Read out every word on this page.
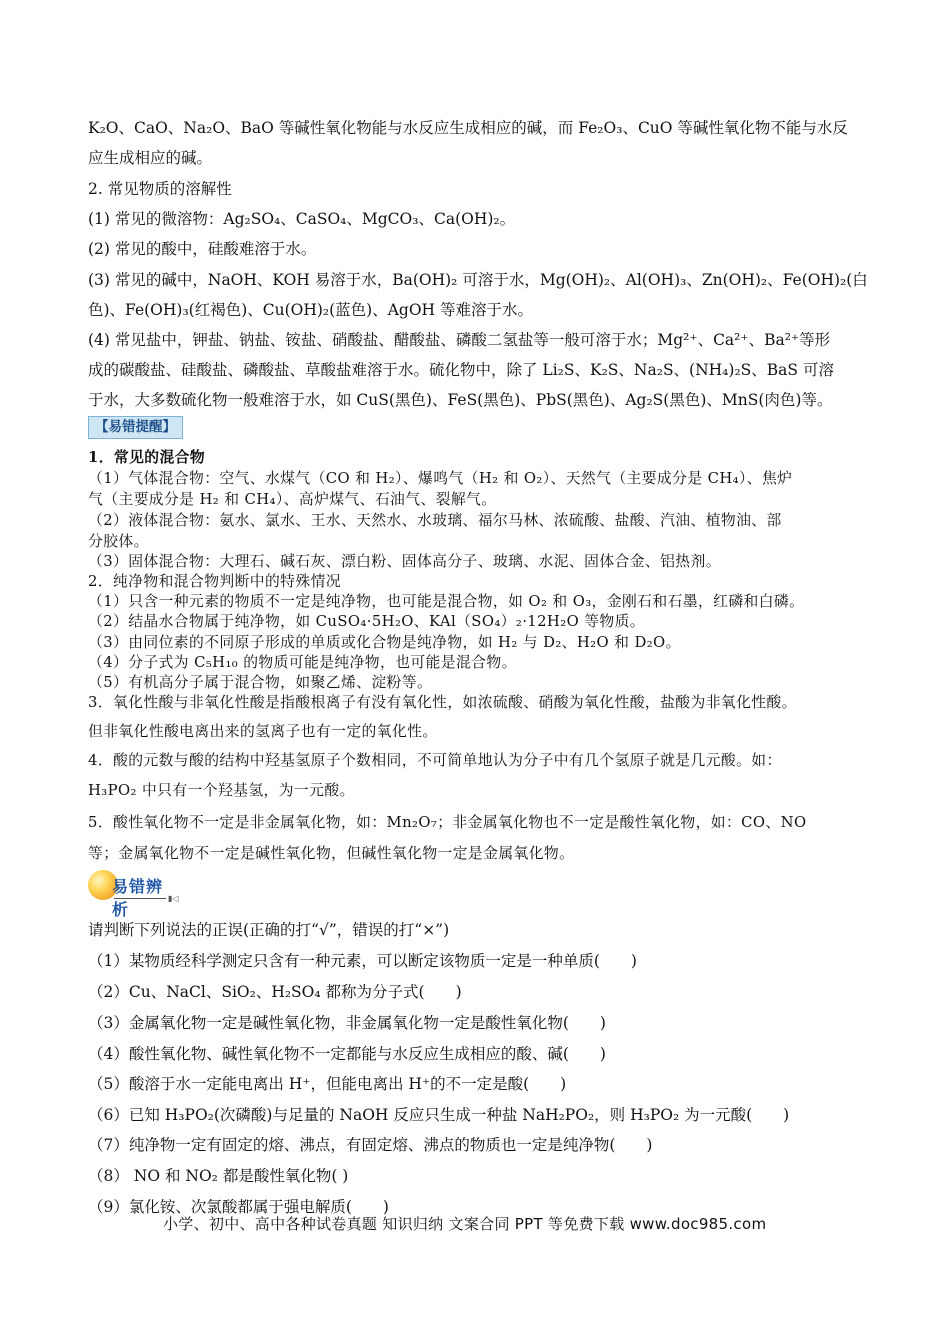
K₂O、CaO、Na₂O、BaO 等碱性氧化物能与水反应生成相应的碱，而 Fe₂O₃、CuO 等碱性氧化物不能与水反
应生成相应的碱。
2. 常见物质的溶解性
(1) 常见的微溶物：Ag₂SO₄、CaSO₄、MgCO₃、Ca(OH)₂。
(2) 常见的酸中，硅酸难溶于水。
(3) 常见的碱中，NaOH、KOH 易溶于水，Ba(OH)₂ 可溶于水，Mg(OH)₂、Al(OH)₃、Zn(OH)₂、Fe(OH)₂(白
色)、Fe(OH)₃(红褐色)、Cu(OH)₂(蓝色)、AgOH 等难溶于水。
(4) 常见盐中，钾盐、钠盐、铵盐、硝酸盐、醋酸盐、磷酸二氢盐等一般可溶于水；Mg²⁺、Ca²⁺、Ba²⁺等形
成的碳酸盐、硅酸盐、磷酸盐、草酸盐难溶于水。硫化物中，除了 Li₂S、K₂S、Na₂S、(NH₄)₂S、BaS 可溶
于水，大多数硫化物一般难溶于水，如 CuS(黑色)、FeS(黑色)、PbS(黑色)、Ag₂S(黑色)、MnS(肉色)等。
【易错提醒】
1．常见的混合物
（1）气体混合物：空气、水煤气（CO 和 H₂）、爆鸣气（H₂ 和 O₂）、天然气（主要成分是 CH₄）、焦炉
气（主要成分是 H₂ 和 CH₄）、高炉煤气、石油气、裂解气。
（2）液体混合物：氨水、氯水、王水、天然水、水玻璃、福尔马林、浓硫酸、盐酸、汽油、植物油、部
分胶体。
（3）固体混合物：大理石、碱石灰、漂白粉、固体高分子、玻璃、水泥、固体合金、铝热剂。
2．纯净物和混合物判断中的特殊情况
（1）只含一种元素的物质不一定是纯净物，也可能是混合物，如 O₂ 和 O₃，金刚石和石墨，红磷和白磷。
（2）结晶水合物属于纯净物，如 CuSO₄·5H₂O、KAl（SO₄）₂·12H₂O 等物质。
（3）由同位素的不同原子形成的单质或化合物是纯净物，如 H₂ 与 D₂、H₂O 和 D₂O。
（4）分子式为 C₅H₁₀ 的物质可能是纯净物，也可能是混合物。
（5）有机高分子属于混合物，如聚乙烯、淀粉等。
3．氧化性酸与非氧化性酸是指酸根离子有没有氧化性，如浓硫酸、硝酸为氧化性酸，盐酸为非氧化性酸。
但非氧化性酸电离出来的氢离子也有一定的氧化性。
4．酸的元数与酸的结构中羟基氢原子个数相同，不可简单地认为分子中有几个氢原子就是几元酸。如：
H₃PO₂ 中只有一个羟基氢，为一元酸。
5．酸性氧化物不一定是非金属氧化物，如：Mn₂O₇；非金属氧化物也不一定是酸性氧化物，如：CO、NO
等；金属氧化物不一定是碱性氧化物，但碱性氧化物一定是金属氧化物。
易错辨析
▮◁
请判断下列说法的正误(正确的打“√”，错误的打“×”)
（1）某物质经科学测定只含有一种元素，可以断定该物质一定是一种单质(　　)
（2）Cu、NaCl、SiO₂、H₂SO₄ 都称为分子式(　　)
（3）金属氧化物一定是碱性氧化物，非金属氧化物一定是酸性氧化物(　　)
（4）酸性氧化物、碱性氧化物不一定都能与水反应生成相应的酸、碱(　　)
（5）酸溶于水一定能电离出 H⁺，但能电离出 H⁺的不一定是酸(　　)
（6）已知 H₃PO₂(次磷酸)与足量的 NaOH 反应只生成一种盐 NaH₂PO₂，则 H₃PO₂ 为一元酸(　　)
（7）纯净物一定有固定的熔、沸点，有固定熔、沸点的物质也一定是纯净物(　　)
（8） NO 和 NO₂ 都是酸性氧化物( )
（9）氯化铵、次氯酸都属于强电解质(　　)
小学、初中、高中各种试卷真题 知识归纳 文案合同 PPT 等免费下载 www.doc985.com
